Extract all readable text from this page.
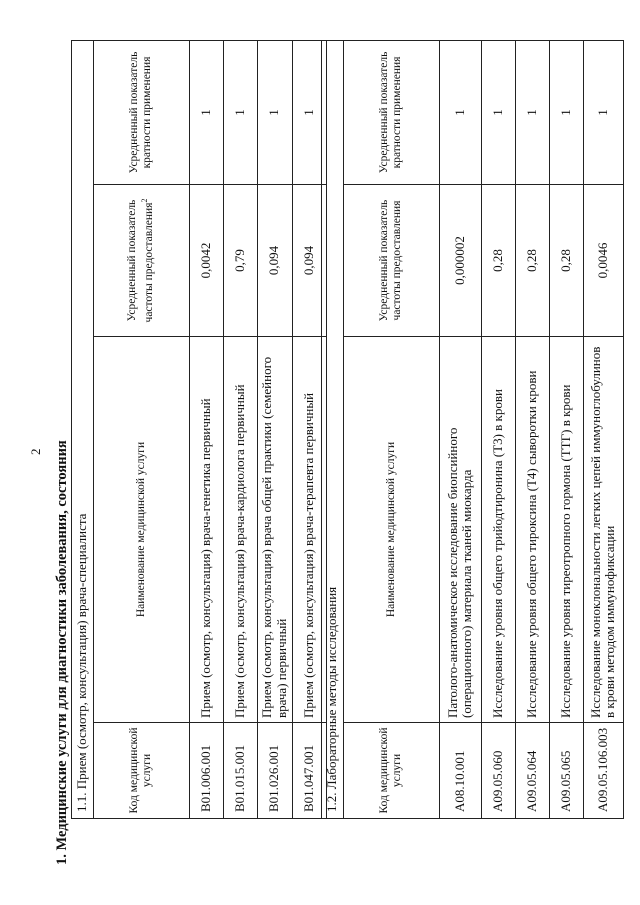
2 1. Медицинские услуги для диагностики заболевания, состояния 1.1. Прием (осмотр, консультация) врача-специалиста			
Код медицинской услуги	Наименование медицинской услуги	Усредненный показатель частоты предоставления$^2$	Усредненный показатель кратности применения
B01.006.001	Прием (осмотр, консультация) врача-генетика первичный	0,0042	1
B01.015.001	Прием (осмотр, консультация) врача-кардиолога первичный	0,79	1
B01.026.001	Прием (осмотр, консультация) врача общей практики (семейного врача) первичный	0,094	1
B01.047.001	Прием (осмотр, консультация) врача-терапевта первичный	0,094	1
1.2. Лабораторные методы исследования			
Код медицинской услуги	Наименование медицинской услуги	Усредненный показатель частоты предоставления	Усредненный показатель кратности применения
A08.10.001	Патолого-анатомическое исследование биопсийного (операционного) материала тканей миокарда	0,000002	1
A09.05.060	Исследование уровня общего трийодтиронина (Т3) в крови	0,28	1
A09.05.064	Исследование уровня общего тироксина (Т4) сыворотки крови	0,28	1
A09.05.065	Исследование уровня тиреотропного гормона (ТТГ) в крови	0,28	1
A09.05.106.003	Исследование моноклональности легких цепей иммуноглобулинов в крови методом иммунофиксации	0,0046	1
